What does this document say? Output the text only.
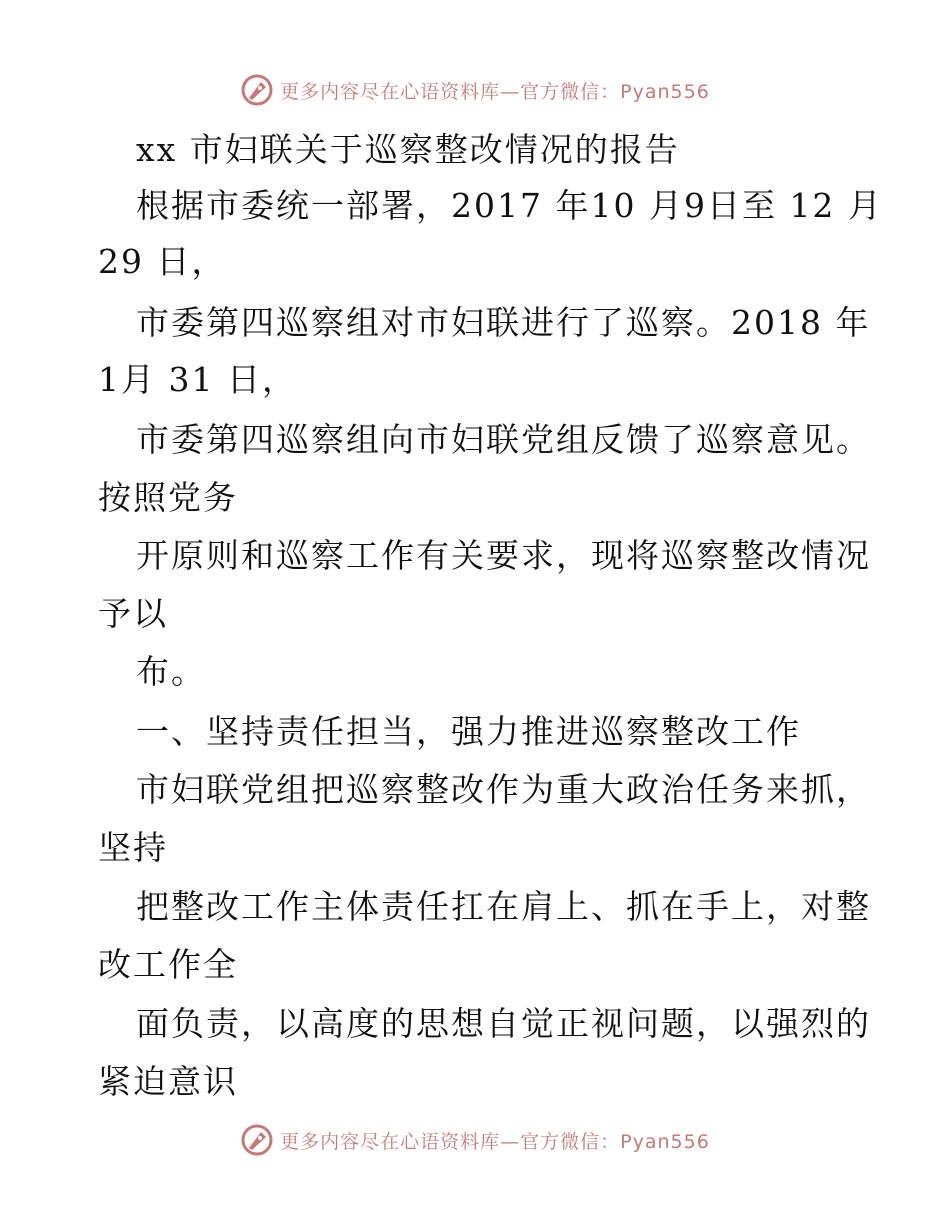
更多内容尽在心语资料库—官方微信：Pyan556
xx 市妇联关于巡察整改情况的报告
根据市委统一部署，2017 年10 月9日至 12 月
29 日，
市委第四巡察组对市妇联进行了巡察。2018 年
1月 31 日，
市委第四巡察组向市妇联党组反馈了巡察意见。
按照党务
开原则和巡察工作有关要求，现将巡察整改情况
予以
布。
一、坚持责任担当，强力推进巡察整改工作
市妇联党组把巡察整改作为重大政治任务来抓，
坚持
把整改工作主体责任扛在肩上、抓在手上，对整
改工作全
面负责，以高度的思想自觉正视问题，以强烈的
紧迫意识
更多内容尽在心语资料库—官方微信：Pyan556
